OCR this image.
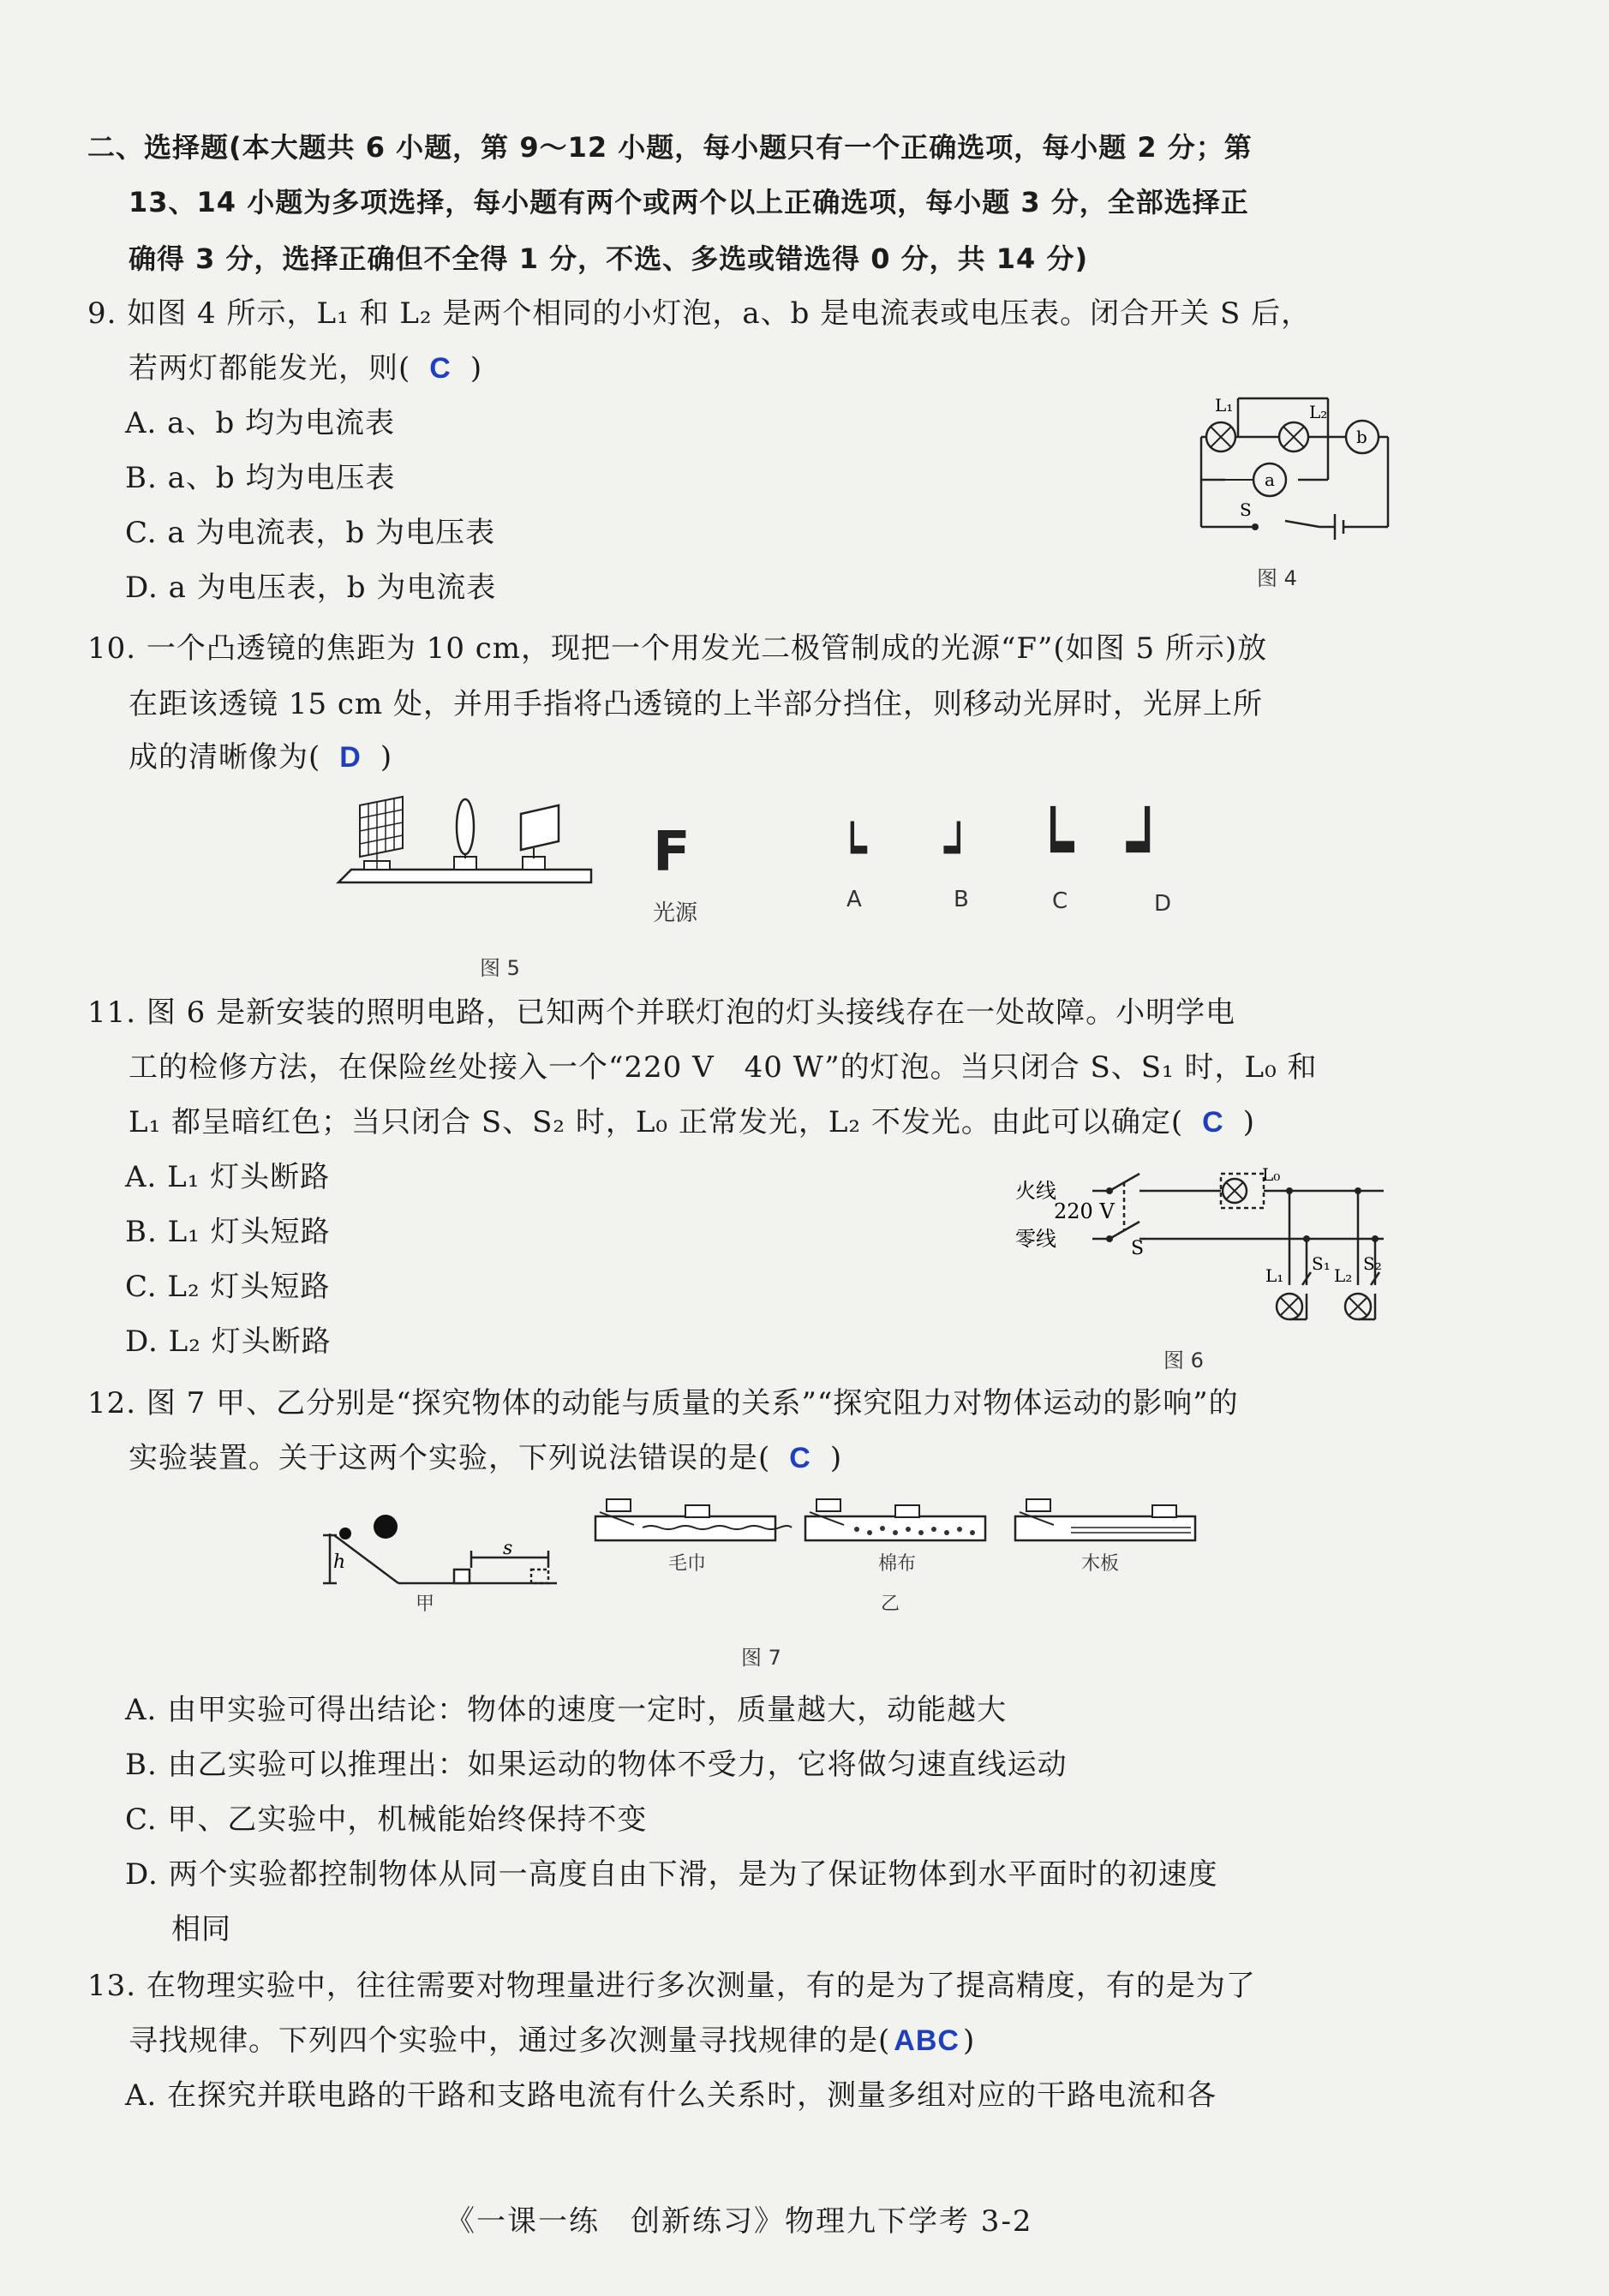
二、选择题(本大题共 6 小题，第 9～12 小题，每小题只有一个正确选项，每小题 2 分；第
13、14 小题为多项选择，每小题有两个或两个以上正确选项，每小题 3 分，全部选择正
确得 3 分，选择正确但不全得 1 分，不选、多选或错选得 0 分，共 14 分)
9. 如图 4 所示，L₁ 和 L₂ 是两个相同的小灯泡，a、b 是电流表或电压表。闭合开关 S 后，
若两灯都能发光，则( C )
A. a、b 均为电流表
B. a、b 均为电压表
C. a 为电流表，b 为电压表
D. a 为电压表，b 为电流表
L₁	L₂
b
a
S
图 4
10. 一个凸透镜的焦距为 10 cm，现把一个用发光二极管制成的光源“F”(如图 5 所示)放
在距该透镜 15 cm 处，并用手指将凸透镜的上半部分挡住，则移动光屏时，光屏上所
成的清晰像为( D )
图 5
F
光源
┕
A
┙
B
┕
C
┙
D
11. 图 6 是新安装的照明电路，已知两个并联灯泡的灯头接线存在一处故障。小明学电
工的检修方法，在保险丝处接入一个“220 V　40 W”的灯泡。当只闭合 S、S₁ 时，L₀ 和
L₁ 都呈暗红色；当只闭合 S、S₂ 时，L₀ 正常发光，L₂ 不发光。由此可以确定( C )
A. L₁ 灯头断路
B. L₁ 灯头短路
C. L₂ 灯头短路
D. L₂ 灯头断路
火线
220 V
零线	S
L₀
L₁
S₁
L₂
S₂
图 6
12. 图 7 甲、乙分别是“探究物体的动能与质量的关系”“探究阻力对物体运动的影响”的
实验装置。关于这两个实验，下列说法错误的是( C )
h
s
甲
毛巾	棉布	木板
乙
图 7
A. 由甲实验可得出结论：物体的速度一定时，质量越大，动能越大
B. 由乙实验可以推理出：如果运动的物体不受力，它将做匀速直线运动
C. 甲、乙实验中，机械能始终保持不变
D. 两个实验都控制物体从同一高度自由下滑，是为了保证物体到水平面时的初速度
相同
13. 在物理实验中，往往需要对物理量进行多次测量，有的是为了提高精度，有的是为了
寻找规律。下列四个实验中，通过多次测量寻找规律的是( ABC )
A. 在探究并联电路的干路和支路电流有什么关系时，测量多组对应的干路电流和各
《一课一练　创新练习》物理九下学考 3-2
